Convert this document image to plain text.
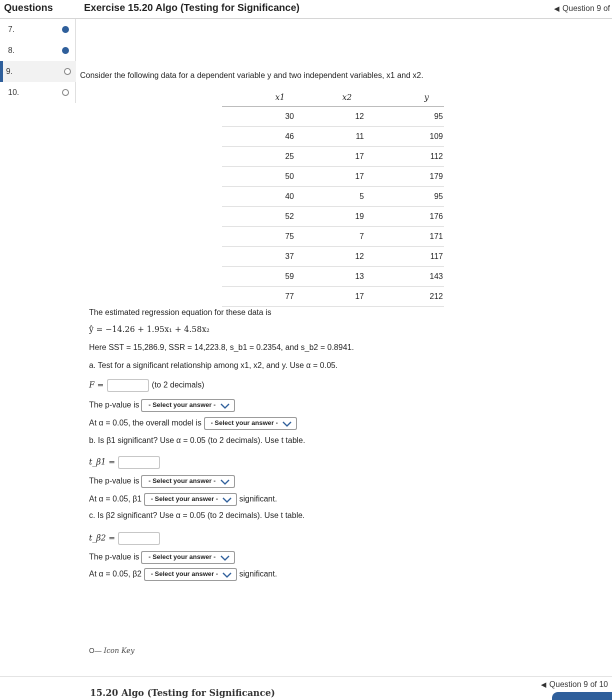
Questions	Exercise 15.20 Algo (Testing for Significance)	◀ Question 9 of
7.
8.
9.
10.
Consider the following data for a dependent variable y and two independent variables, x1 and x2.
x1	x2	y
30	12	95
46	11	109
25	17	112
50	17	179
40	5	95
52	19	176
75	7	171
37	12	117
59	13	143
77	17	212
The estimated regression equation for these data is
ŷ = −14.26 + 1.95x₁ + 4.58x₂
Here SST = 15,286.9, SSR = 14,223.8, s_b1 = 0.2354, and s_b2 = 0.8941.
a. Test for a significant relationship among x1, x2, and y. Use α = 0.05.
F =	(to 2 decimals)
The p-value is - Select your answer -
At α = 0.05, the overall model is - Select your answer -
b. Is β1 significant? Use α = 0.05 (to 2 decimals). Use t table.
t_β1 =
The p-value is - Select your answer -
At α = 0.05, β1 - Select your answer -	significant.
c. Is β2 significant? Use α = 0.05 (to 2 decimals). Use t table.
t_β2 =
The p-value is - Select your answer -
At α = 0.05, β2 - Select your answer -	significant.
O⁠— Icon Key
◀ Question 9 of 10
15.20 Algo (Testing for Significance)
